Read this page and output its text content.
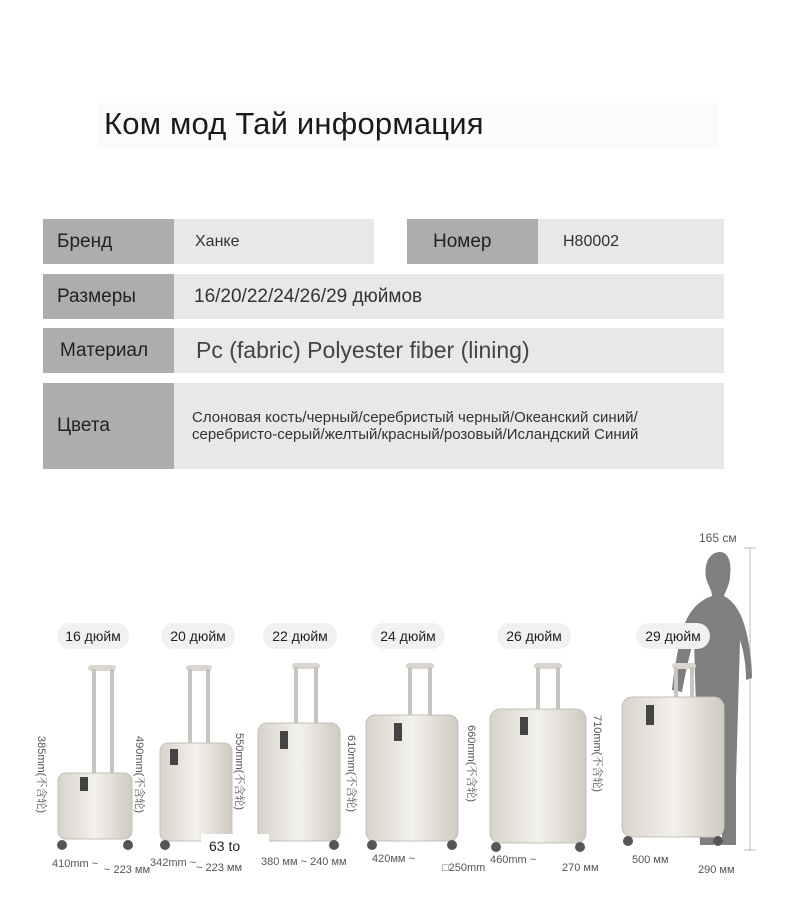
Ком мод Тай информация
Бренд	Ханке	Номер	H80002
Размеры	16/20/22/24/26/29 дюймов
Материал	Pc (fabric) Polyester fiber (lining)
Цвета	Слоновая кость/черный/серебристый черный/Океанский синий/
серебристо-серый/желтый/красный/розовый/Исландский Синий
165 см
16 дюйм	20 дюйм	22 дюйм	24 дюйм	26 дюйм	29 дюйм
385mm(不含轮)	490mm(不含轮)	550mm(不含轮)	610mm(不含轮)	660mm(不含轮)	710mm(不含轮)
410mm ~ ~ 223 мм
342mm ~ ~ 223 мм
63 to
380 мм ~ 240 мм 420мм ~
□250mm
460mm ~
270 мм
500 мм
290 мм
